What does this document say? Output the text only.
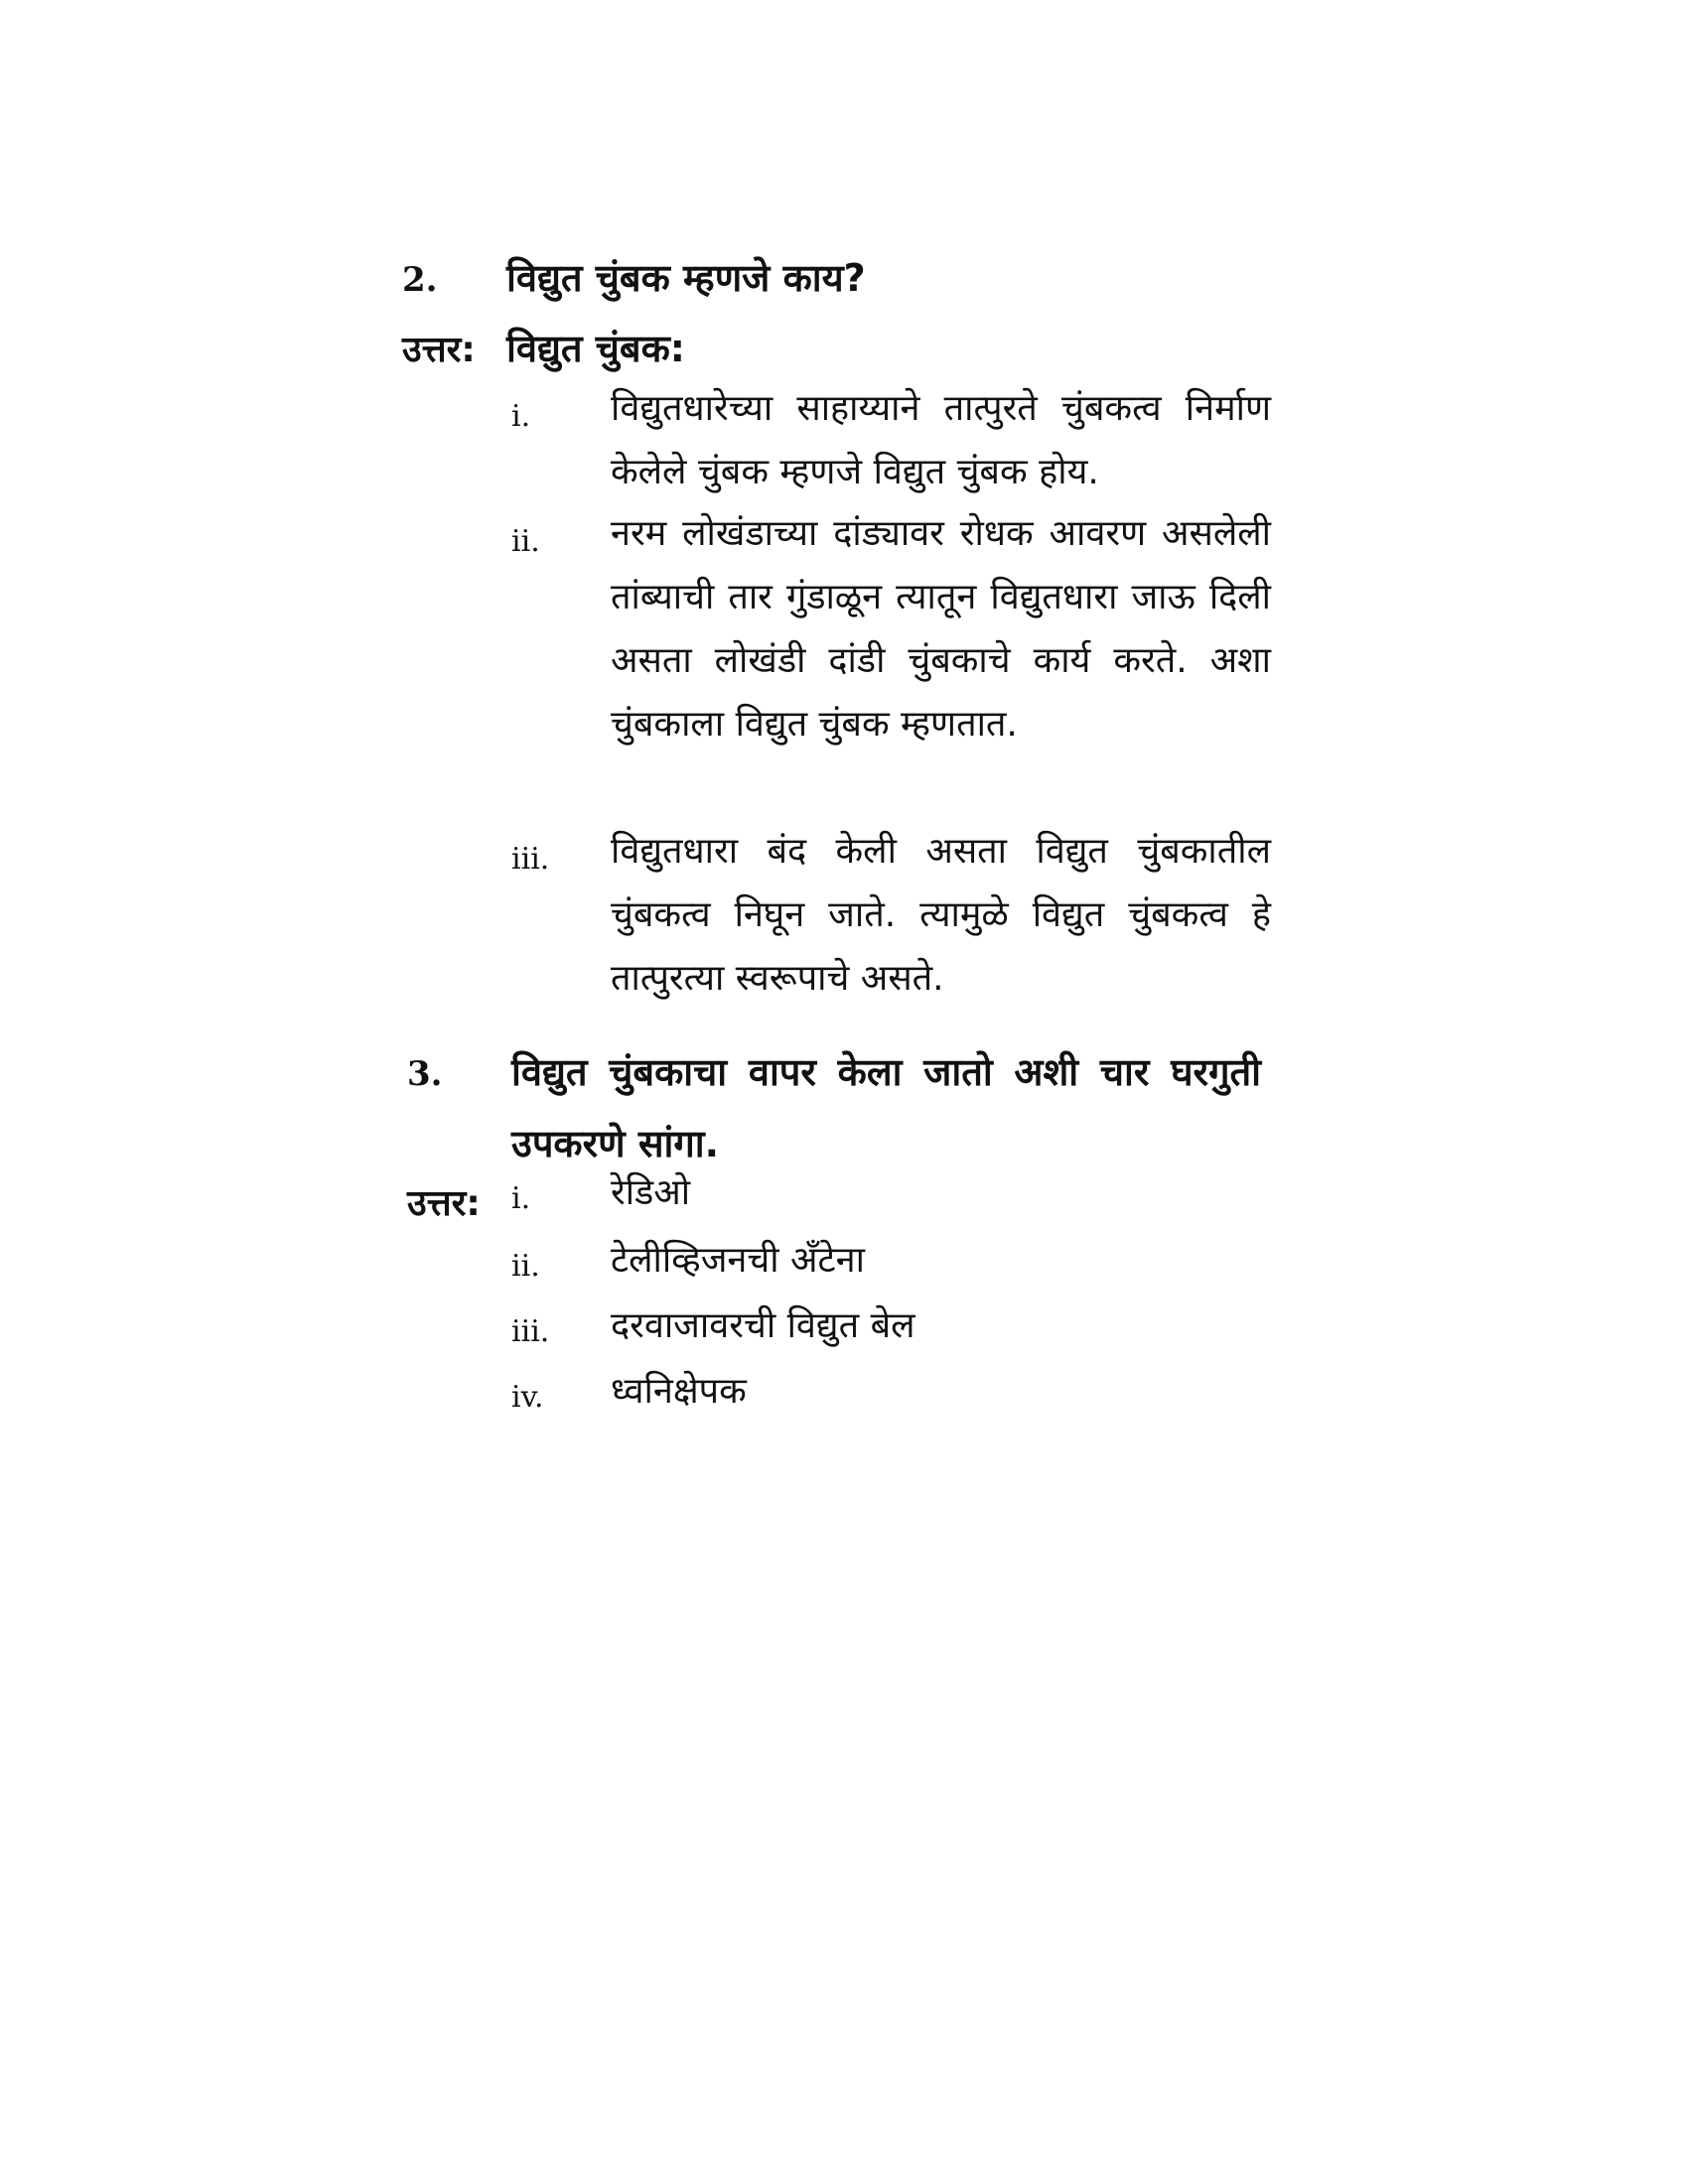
2. विद्युत चुंबक म्हणजे काय?
उत्तर: विद्युत चुंबक:
i. विद्युतधारेच्या साहाय्याने तात्पुरते चुंबकत्व निर्माण केलेले चुंबक म्हणजे विद्युत चुंबक होय.
ii. नरम लोखंडाच्या दांड्यावर रोधक आवरण असलेली तांब्याची तार गुंडाळून त्यातून विद्युतधारा जाऊ दिली असता लोखंडी दांडी चुंबकाचे कार्य करते. अशा चुंबकाला विद्युत चुंबक म्हणतात.
iii. विद्युतधारा बंद केली असता विद्युत चुंबकातील चुंबकत्व निघून जाते. त्यामुळे विद्युत चुंबकत्व हे तात्पुरत्या स्वरूपाचे असते.
3. विद्युत चुंबकाचा वापर केला जातो अशी चार घरगुती उपकरणे सांगा.
उत्तर: i. रेडिओ
ii. टेलीव्हिजनची अँटेना
iii. दरवाजावरची विद्युत बेल
iv. ध्वनिक्षेपक
